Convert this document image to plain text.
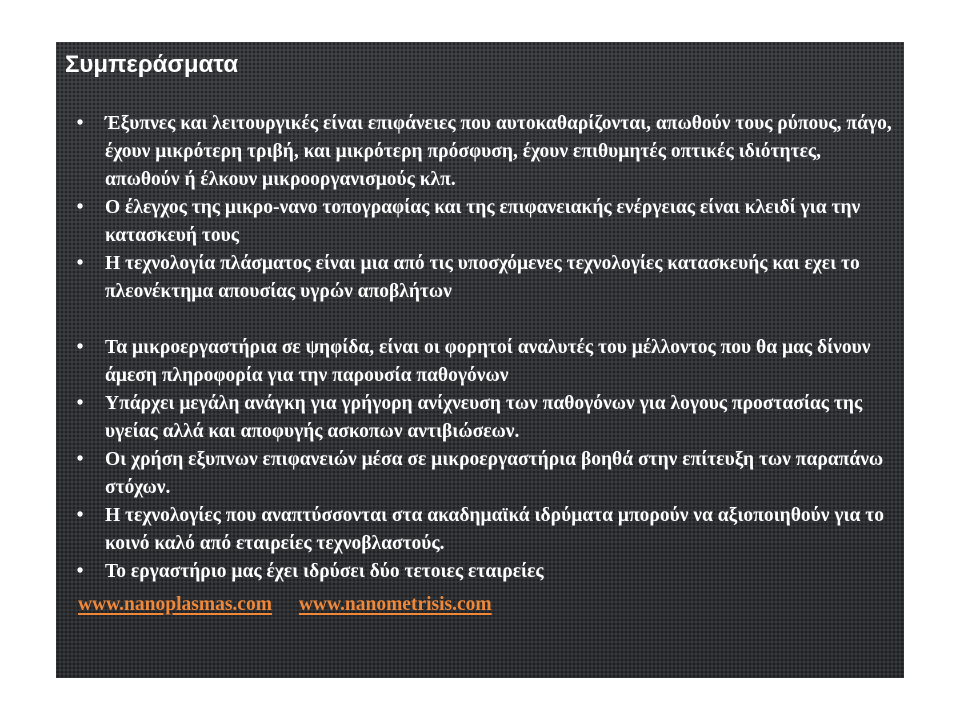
Συμπεράσματα
•	Έξυπνες και λειτουργικές είναι επιφάνειες που αυτοκαθαρίζονται, απωθούν τους ρύπους, πάγο, έχουν μικρότερη τριβή, και μικρότερη πρόσφυση, έχουν επιθυμητές οπτικές ιδιότητες, απωθούν ή έλκουν μικροοργανισμούς κλπ.
•	Ο έλεγχος της μικρο-νανο τοπογραφίας και της επιφανειακής ενέργειας είναι κλειδί για την κατασκευή τους
•	Η τεχνολογία πλάσματος είναι μια από τις υποσχόμενες τεχνολογίες κατασκευής και εχει το πλεονέκτημα απουσίας υγρών αποβλήτων
•	Τα μικροεργαστήρια σε ψηφίδα, είναι οι φορητοί αναλυτές του μέλλοντος που θα μας δίνουν άμεση πληροφορία για την παρουσία παθογόνων
•	Υπάρχει μεγάλη ανάγκη για γρήγορη ανίχνευση των παθογόνων για λογους προστασίας της υγείας αλλά και αποφυγής ασκοπων αντιβιώσεων.
•	Οι χρήση εξυπνων επιφανειών μέσα σε μικροεργαστήρια βοηθά στην επίτευξη των παραπάνω στόχων.
•	Η τεχνολογίες που αναπτύσσονται στα ακαδημαϊκά ιδρύματα μπορούν να αξιοποιηθούν για το κοινό καλό από εταιρείες τεχνοβλαστούς.
•	Το εργαστήριο μας έχει ιδρύσει δύο τετοιες εταιρείες
www.nanoplasmas.com www.nanometrisis.com
